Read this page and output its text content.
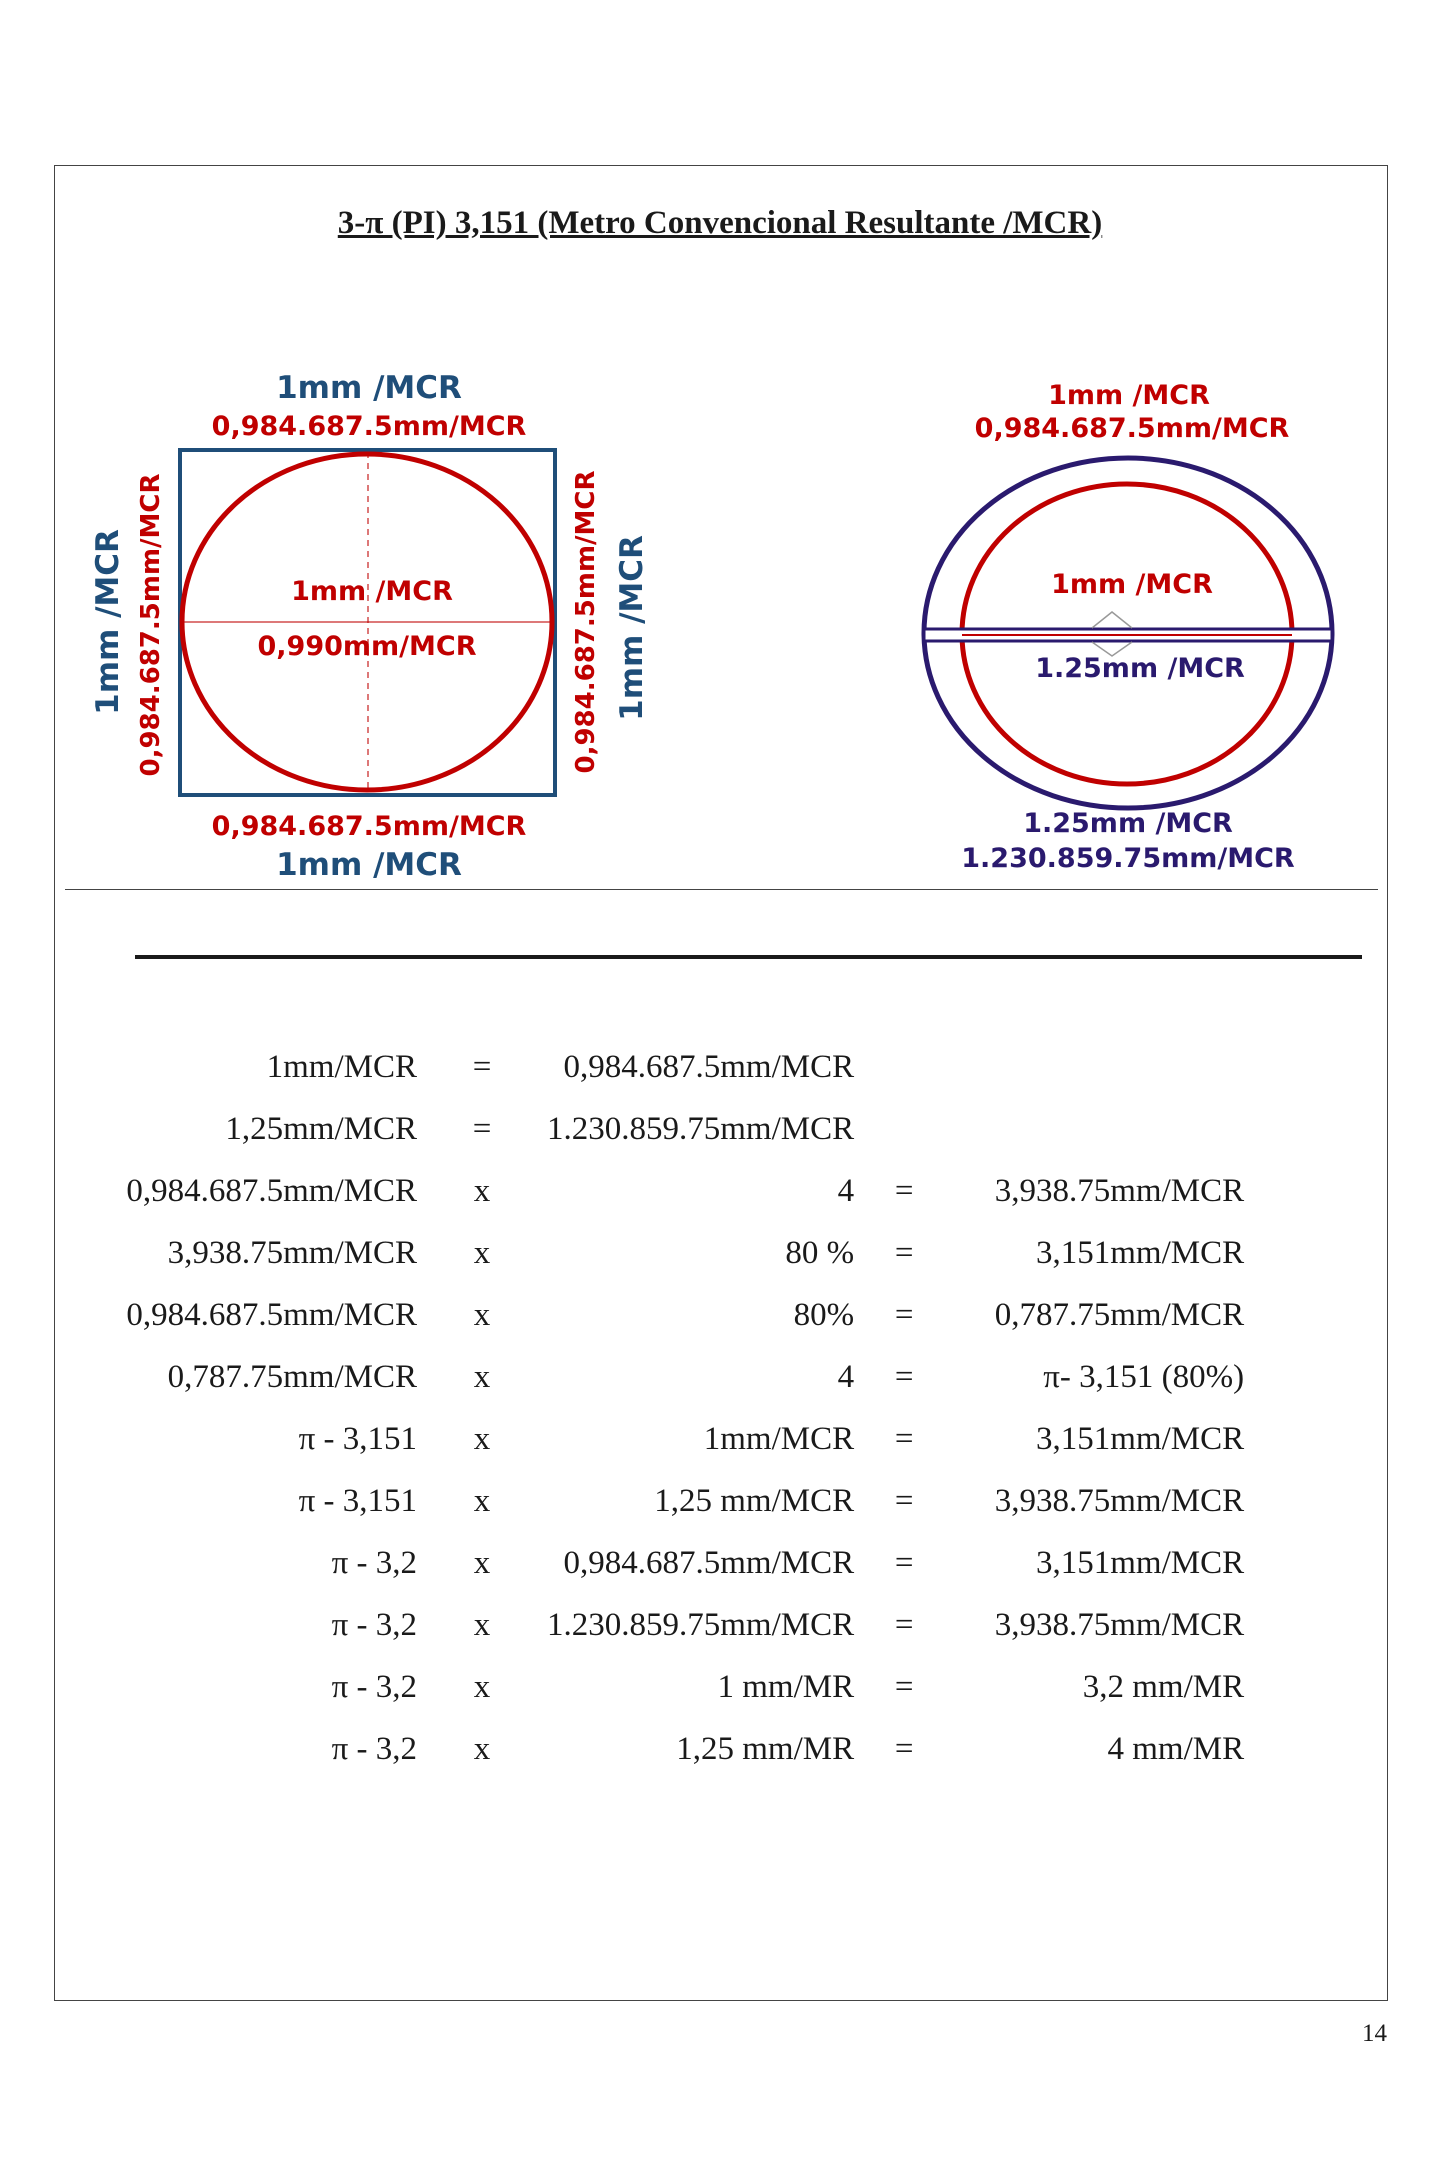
3-π (PI) 3,151 (Metro Convencional Resultante /MCR)
1mm /MCR
0,984.687.5mm/MCR
0,984.687.5mm/MCR
1mm /MCR
1mm /MCR 0,984.687.5mm/MCR	0,984.687.5mm/MCR 1mm /MCR
1mm /MCR
0,990mm/MCR
1mm /MCR
0,984.687.5mm/MCR
1mm /MCR
1.25mm /MCR
1.25mm /MCR
1.230.859.75mm/MCR
1mm/MCR	=	0,984.687.5mm/MCR		
1,25mm/MCR	=	1.230.859.75mm/MCR		
0,984.687.5mm/MCR	x	4	=	3,938.75mm/MCR
3,938.75mm/MCR	x	80 %	=	3,151mm/MCR
0,984.687.5mm/MCR	x	80%	=	0,787.75mm/MCR
0,787.75mm/MCR	x	4	=	π- 3,151 (80%)
π - 3,151	x	1mm/MCR	=	3,151mm/MCR
π - 3,151	x	1,25 mm/MCR	=	3,938.75mm/MCR
π - 3,2	x	0,984.687.5mm/MCR	=	3,151mm/MCR
π - 3,2	x	1.230.859.75mm/MCR	=	3,938.75mm/MCR
π - 3,2	x	1 mm/MR	=	3,2 mm/MR
π - 3,2	x	1,25 mm/MR	=	4 mm/MR
14
